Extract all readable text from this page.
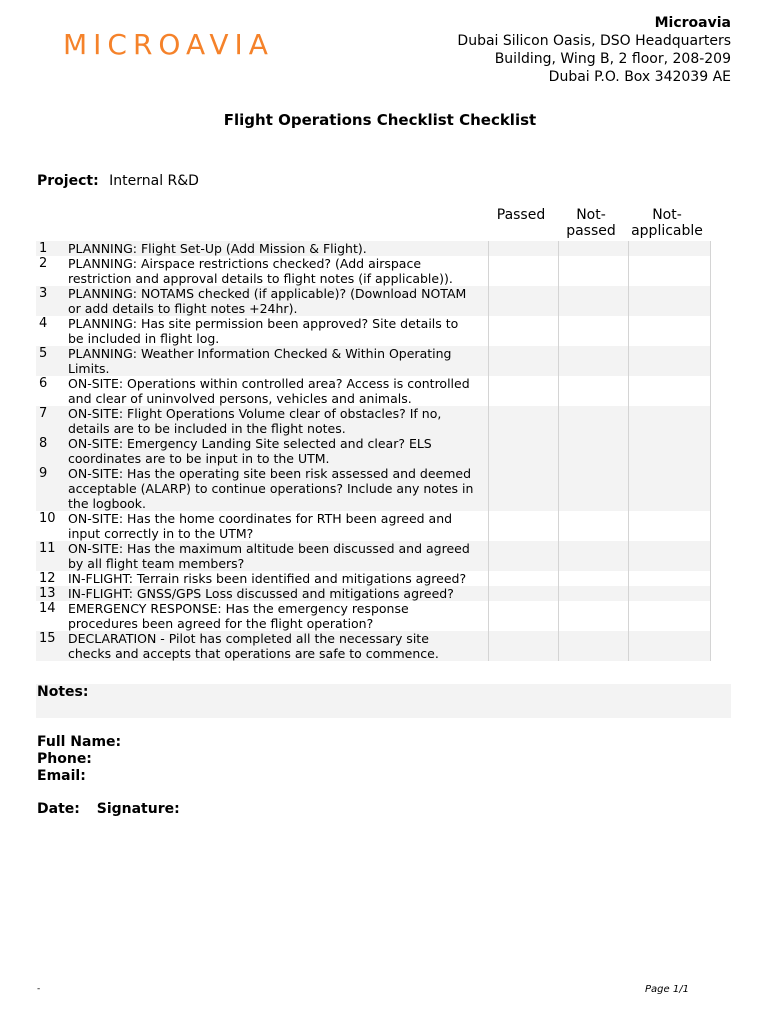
MICROAVIA
Microavia
Dubai Silicon Oasis, DSO Headquarters
Building, Wing B, 2 floor, 208-209
Dubai P.O. Box 342039 AE
Flight Operations Checklist Checklist
Project: Internal R&D
Passed	Not-
passed
Not-
applicable
1	PLANNING: Flight Set-Up (Add Mission & Flight).
2	PLANNING: Airspace restrictions checked? (Add airspace
restriction and approval details to flight notes (if applicable)).
3	PLANNING: NOTAMS checked (if applicable)? (Download NOTAM
or add details to flight notes +24hr).
4	PLANNING: Has site permission been approved? Site details to
be included in flight log.
5	PLANNING: Weather Information Checked & Within Operating
Limits.
6	ON-SITE: Operations within controlled area? Access is controlled
and clear of uninvolved persons, vehicles and animals.
7	ON-SITE: Flight Operations Volume clear of obstacles? If no,
details are to be included in the flight notes.
8	ON-SITE: Emergency Landing Site selected and clear? ELS
coordinates are to be input in to the UTM.
9	ON-SITE: Has the operating site been risk assessed and deemed
acceptable (ALARP) to continue operations? Include any notes in
the logbook.
10 ON-SITE: Has the home coordinates for RTH been agreed and
input correctly in to the UTM?
11 ON-SITE: Has the maximum altitude been discussed and agreed
by all flight team members?
12 IN-FLIGHT: Terrain risks been identified and mitigations agreed?
13 IN-FLIGHT: GNSS/GPS Loss discussed and mitigations agreed?
14 EMERGENCY RESPONSE: Has the emergency response
procedures been agreed for the flight operation?
15 DECLARATION - Pilot has completed all the necessary site
checks and accepts that operations are safe to commence.
Notes:
Full Name:
Phone:
Email:
Date: Signature:
-	Page 1/1
